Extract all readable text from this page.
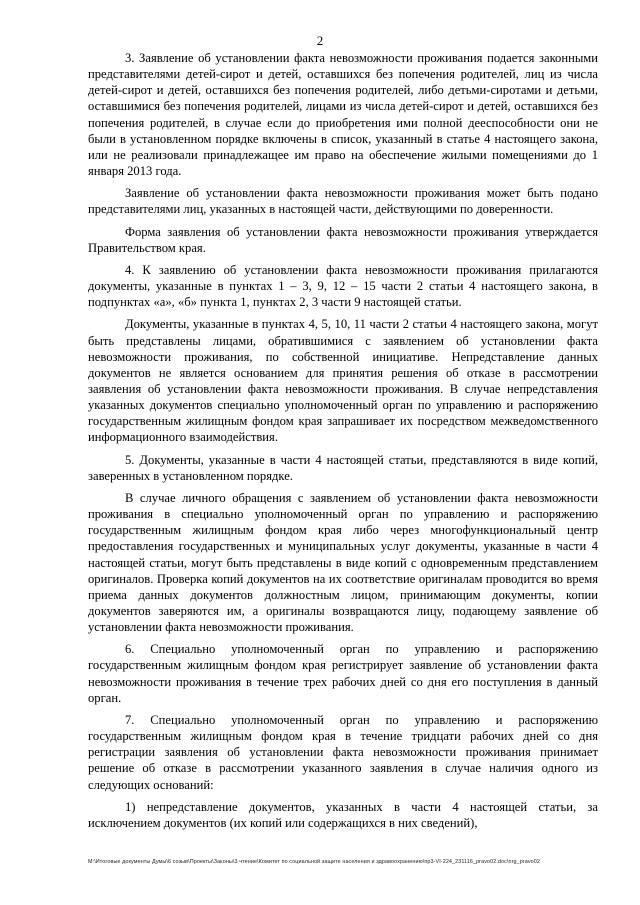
2

3. Заявление об установлении факта невозможности проживания подается законными представителями детей-сирот и детей, оставшихся без попечения родителей, лиц из числа детей-сирот и детей, оставшихся без попечения родителей, либо детьми-сиротами и детьми, оставшимися без попечения родителей, лицами из числа детей-сирот и детей, оставшихся без попечения родителей, в случае если до приобретения ими полной дееспособности они не были в установленном порядке включены в список, указанный в статье 4 настоящего закона, или не реализовали принадлежащее им право на обеспечение жилыми помещениями до 1 января 2013 года.

Заявление об установлении факта невозможности проживания может быть подано представителями лиц, указанных в настоящей части, действующими по доверенности.

Форма заявления об установлении факта невозможности проживания утверждается Правительством края.

4. К заявлению об установлении факта невозможности проживания прилагаются документы, указанные в пунктах 1 – 3, 9, 12 – 15 части 2 статьи 4 настоящего закона, в подпунктах «а», «б» пункта 1, пунктах 2, 3 части 9 настоящей статьи.

Документы, указанные в пунктах 4, 5, 10, 11 части 2 статьи 4 настоящего закона, могут быть представлены лицами, обратившимися с заявлением об установлении факта невозможности проживания, по собственной инициативе. Непредставление данных документов не является основанием для принятия решения об отказе в рассмотрении заявления об установлении факта невозможности проживания. В случае непредставления указанных документов специально уполномоченный орган по управлению и распоряжению государственным жилищным фондом края запрашивает их посредством межведомственного информационного взаимодействия.

5. Документы, указанные в части 4 настоящей статьи, представляются в виде копий, заверенных в установленном порядке.

В случае личного обращения с заявлением об установлении факта невозможности проживания в специально уполномоченный орган по управлению и распоряжению государственным жилищным фондом края либо через многофункциональный центр предоставления государственных и муниципальных услуг документы, указанные в части 4 настоящей статьи, могут быть представлены в виде копий с одновременным представлением оригиналов. Проверка копий документов на их соответствие оригиналам проводится во время приема данных документов должностным лицом, принимающим документы, копии документов заверяются им, а оригиналы возвращаются лицу, подающему заявление об установлении факта невозможности проживания.

6. Специально уполномоченный орган по управлению и распоряжению государственным жилищным фондом края регистрирует заявление об установлении факта невозможности проживания в течение трех рабочих дней со дня его поступления в данный орган.

7. Специально уполномоченный орган по управлению и распоряжению государственным жилищным фондом края в течение тридцати рабочих дней со дня регистрации заявления об установлении факта невозможности проживания принимает решение об отказе в рассмотрении указанного заявления в случае наличия одного из следующих оснований:

1) непредставление документов, указанных в части 4 настоящей статьи, за исключением документов (их копий или содержащихся в них сведений),

M:\Итоговые документы Думы\6 созыв\Проекты\Законы\3 чтение\Комитет по социальной защите населения и здравоохранению\пр3-VI-224_231116_pravo02.doc\nrg_pravo02
